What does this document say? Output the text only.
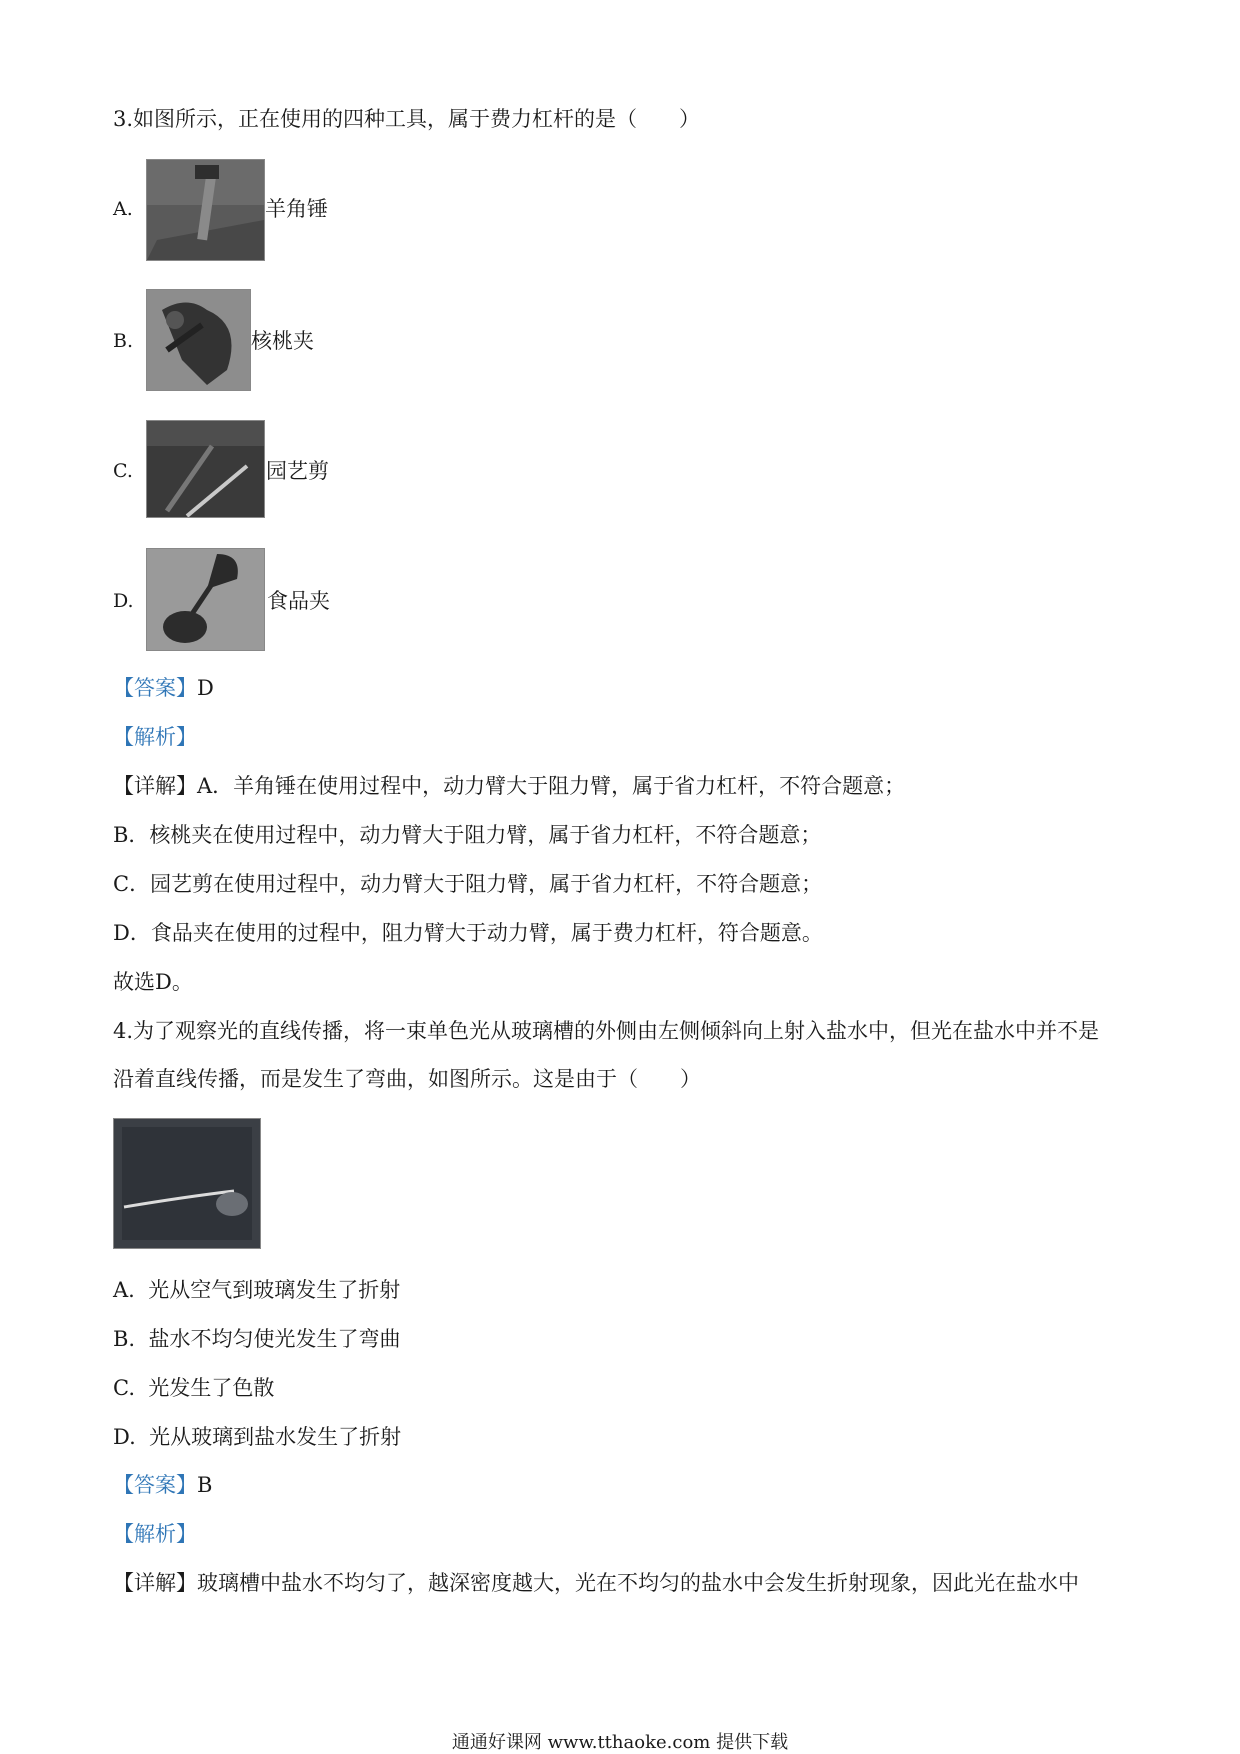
3.如图所示，正在使用的四种工具，属于费力杠杆的是（　　）
A.	羊角锤
B.	核桃夹
C.	园艺剪
D.	食品夹
【答案】D
【解析】
【详解】A．羊角锤在使用过程中，动力臂大于阻力臂，属于省力杠杆，不符合题意；
B．核桃夹在使用过程中，动力臂大于阻力臂，属于省力杠杆，不符合题意；
C．园艺剪在使用过程中，动力臂大于阻力臂，属于省力杠杆，不符合题意；
D．食品夹在使用的过程中，阻力臂大于动力臂，属于费力杠杆，符合题意。
故选D。
4.为了观察光的直线传播，将一束单色光从玻璃槽的外侧由左侧倾斜向上射入盐水中，但光在盐水中并不是
沿着直线传播，而是发生了弯曲，如图所示。这是由于（　　）
A. 光从空气到玻璃发生了折射
B. 盐水不均匀使光发生了弯曲
C. 光发生了色散
D. 光从玻璃到盐水发生了折射
【答案】B
【解析】
【详解】玻璃槽中盐水不均匀了，越深密度越大，光在不均匀的盐水中会发生折射现象，因此光在盐水中
通通好课网 www.tthaoke.com 提供下载
